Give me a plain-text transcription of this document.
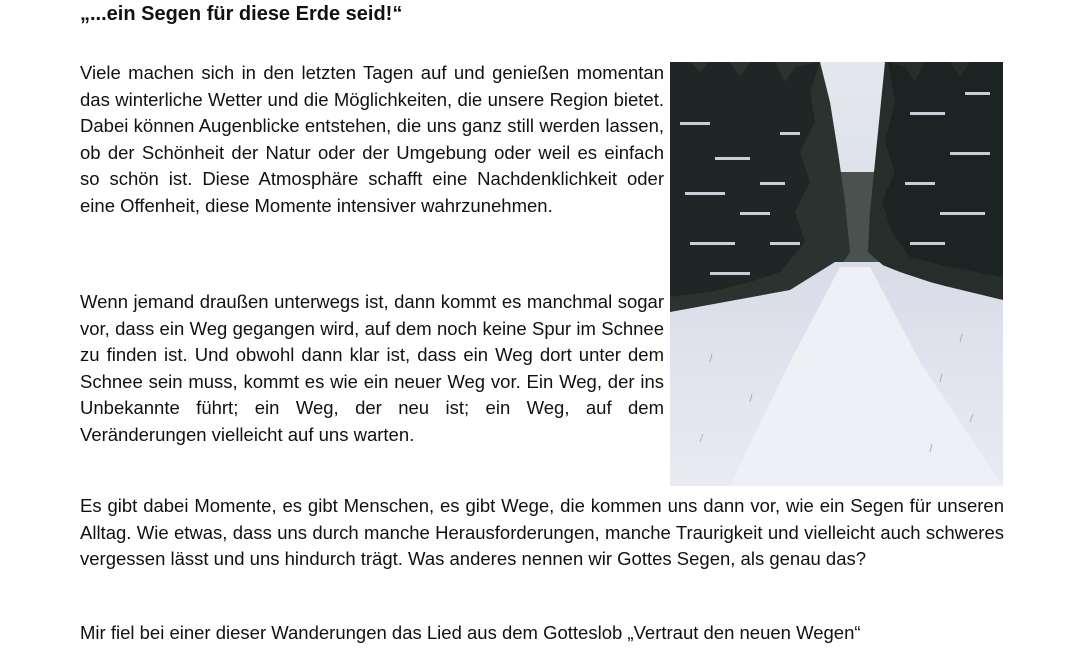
„...ein Segen für diese Erde seid!“

Viele machen sich in den letzten Tagen auf und genießen momentan das winterliche Wetter und die Möglichkeiten, die unsere Region bietet. Dabei können Augenblicke entstehen, die uns ganz still werden lassen, ob der Schönheit der Natur oder der Umgebung oder weil es einfach so schön ist. Diese Atmosphäre schafft eine Nachdenklichkeit oder eine Offenheit, diese Momente intensiver wahrzunehmen.

Wenn jemand draußen unterwegs ist, dann kommt es manchmal sogar vor, dass ein Weg gegangen wird, auf dem noch keine Spur im Schnee zu finden ist. Und obwohl dann klar ist, dass ein Weg dort unter dem Schnee sein muss, kommt es wie ein neuer Weg vor. Ein Weg, der ins Unbekannte führt; ein Weg, der neu ist; ein Weg, auf dem Veränderungen vielleicht auf uns warten.

Es gibt dabei Momente, es gibt Menschen, es gibt Wege, die kommen uns dann vor, wie ein Segen für unseren Alltag. Wie etwas, dass uns durch manche Herausforderungen, manche Traurigkeit und vielleicht auch schweres vergessen lässt und uns hindurch trägt. Was anderes nennen wir Gottes Segen, als genau das?

Mir fiel bei einer dieser Wanderungen das Lied aus dem Gotteslob „Vertraut den neuen Wegen“
